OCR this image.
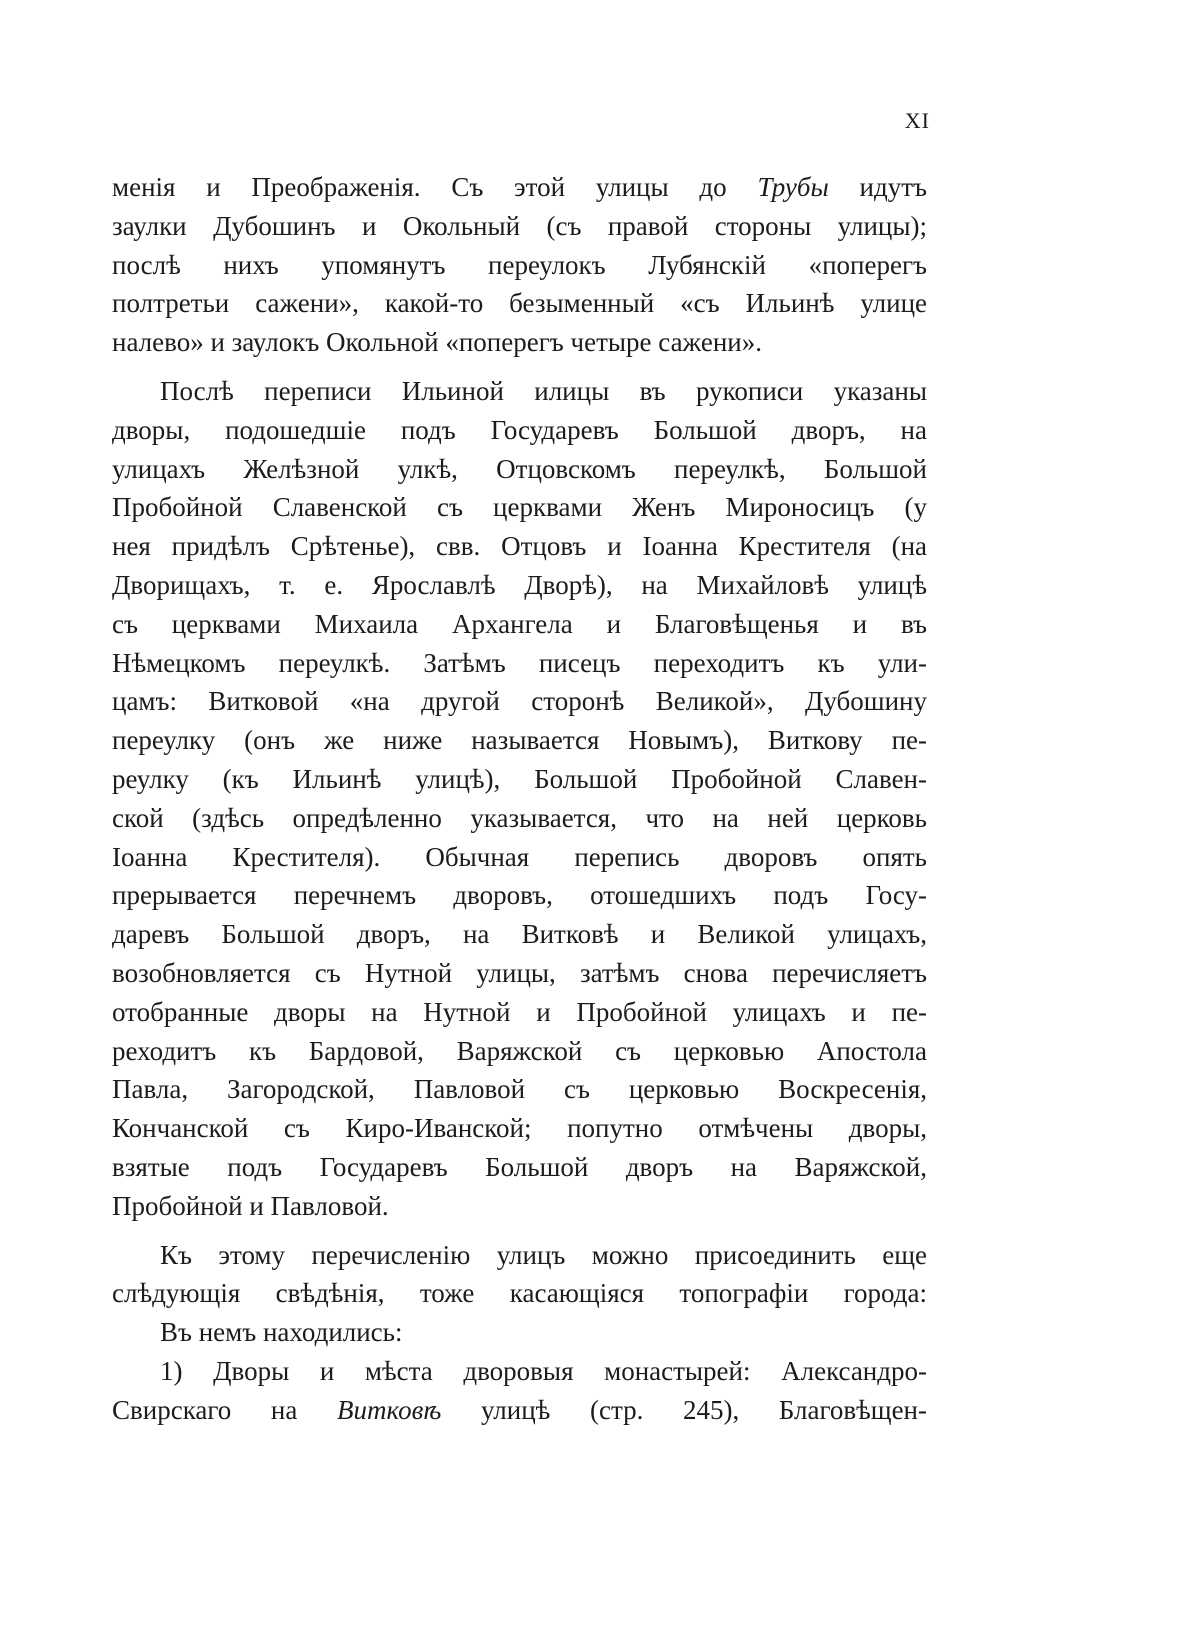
XI
менiя и Преображенiя. Съ этой улицы до Трубы идутъ
заулки Дубошинъ и Окольный (съ правой стороны улицы);
послѣ нихъ упомянутъ переулокъ Лубянскiй «поперегъ
полтретьи сажени», какой-то безыменный «съ Ильинѣ улице
налево» и заулокъ Окольной «поперегъ четыре сажени».
Послѣ переписи Ильиной илицы въ рукописи указаны
дворы, подошедшiе подъ Государевъ Большой дворъ, на
улицахъ Желѣзной улкѣ, Отцовскомъ переулкѣ, Большой
Пробойной Славенской съ церквами Женъ Мироносицъ (у
нея придѣлъ Срѣтенье), свв. Отцовъ и Iоанна Крестителя (на
Дворищахъ, т. е. Ярославлѣ Дворѣ), на Михайловѣ улицѣ
съ церквами Михаила Архангела и Благовѣщенья и въ
Нѣмецкомъ переулкѣ. Затѣмъ писецъ переходитъ къ ули-
цамъ: Витковой «на другой сторонѣ Великой», Дубошину
переулку (онъ же ниже называется Новымъ), Виткову пе-
реулку (къ Ильинѣ улицѣ), Большой Пробойной Славен-
ской (здѣсь опредѣленно указывается, что на ней церковь
Iоанна Крестителя). Обычная перепись дворовъ опять
прерывается перечнемъ дворовъ, отошедшихъ подъ Госу-
даревъ Большой дворъ, на Витковѣ и Великой улицахъ,
возобновляется съ Нутной улицы, затѣмъ снова перечисляетъ
отобранные дворы на Нутной и Пробойной улицахъ и пе-
реходитъ къ Бардовой, Варяжской съ церковью Апостола
Павла, Загородской, Павловой съ церковью Воскресенiя,
Кончанской съ Киро-Иванской; попутно отмѣчены дворы,
взятые подъ Государевъ Большой дворъ на Варяжской,
Пробойной и Павловой.
Къ этому перечисленiю улицъ можно присоединить еще
слѣдующiя свѣдѣнiя, тоже касающiяся топографiи города:
Въ немъ находились:
1) Дворы и мѣста дворовыя монастырей: Александро-
Свирскаго на Витковѣ улицѣ (стр. 245), Благовѣщен-
